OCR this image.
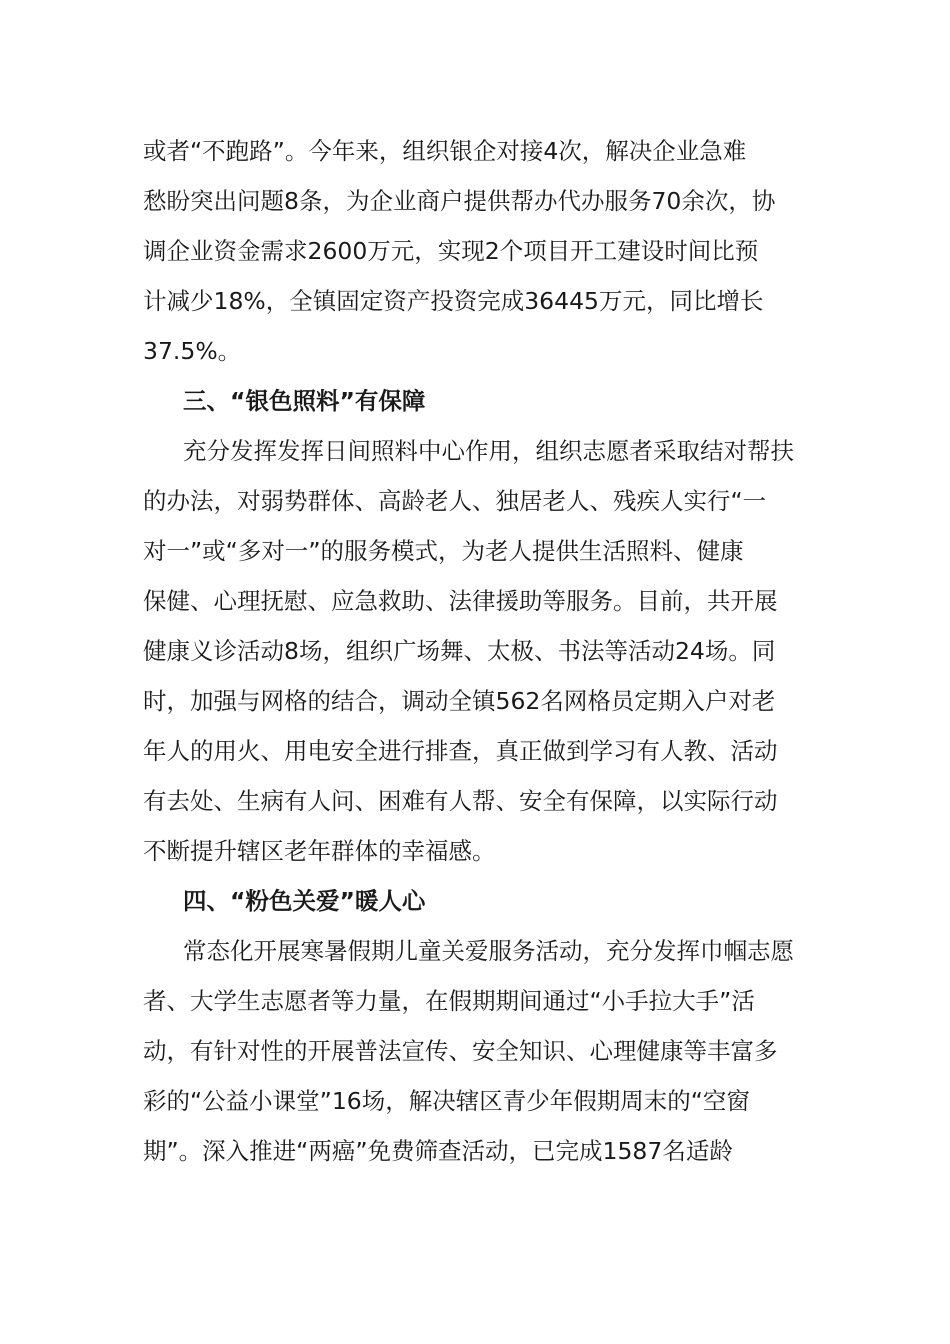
或者“不跑路”。今年来，组织银企对接4次，解决企业急难
愁盼突出问题8条，为企业商户提供帮办代办服务70余次，协
调企业资金需求2600万元，实现2个项目开工建设时间比预
计减少18%，全镇固定资产投资完成36445万元，同比增长
37.5%。
三、“银色照料”有保障
充分发挥发挥日间照料中心作用，组织志愿者采取结对帮扶
的办法，对弱势群体、高龄老人、独居老人、残疾人实行“一
对一”或“多对一”的服务模式，为老人提供生活照料、健康
保健、心理抚慰、应急救助、法律援助等服务。目前，共开展
健康义诊活动8场，组织广场舞、太极、书法等活动24场。同
时，加强与网格的结合，调动全镇562名网格员定期入户对老
年人的用火、用电安全进行排查，真正做到学习有人教、活动
有去处、生病有人问、困难有人帮、安全有保障，以实际行动
不断提升辖区老年群体的幸福感。
四、“粉色关爱”暖人心
常态化开展寒暑假期儿童关爱服务活动，充分发挥巾帼志愿
者、大学生志愿者等力量，在假期期间通过“小手拉大手”活
动，有针对性的开展普法宣传、安全知识、心理健康等丰富多
彩的“公益小课堂”16场，解决辖区青少年假期周末的“空窗
期”。深入推进“两癌”免费筛查活动，已完成1587名适龄
